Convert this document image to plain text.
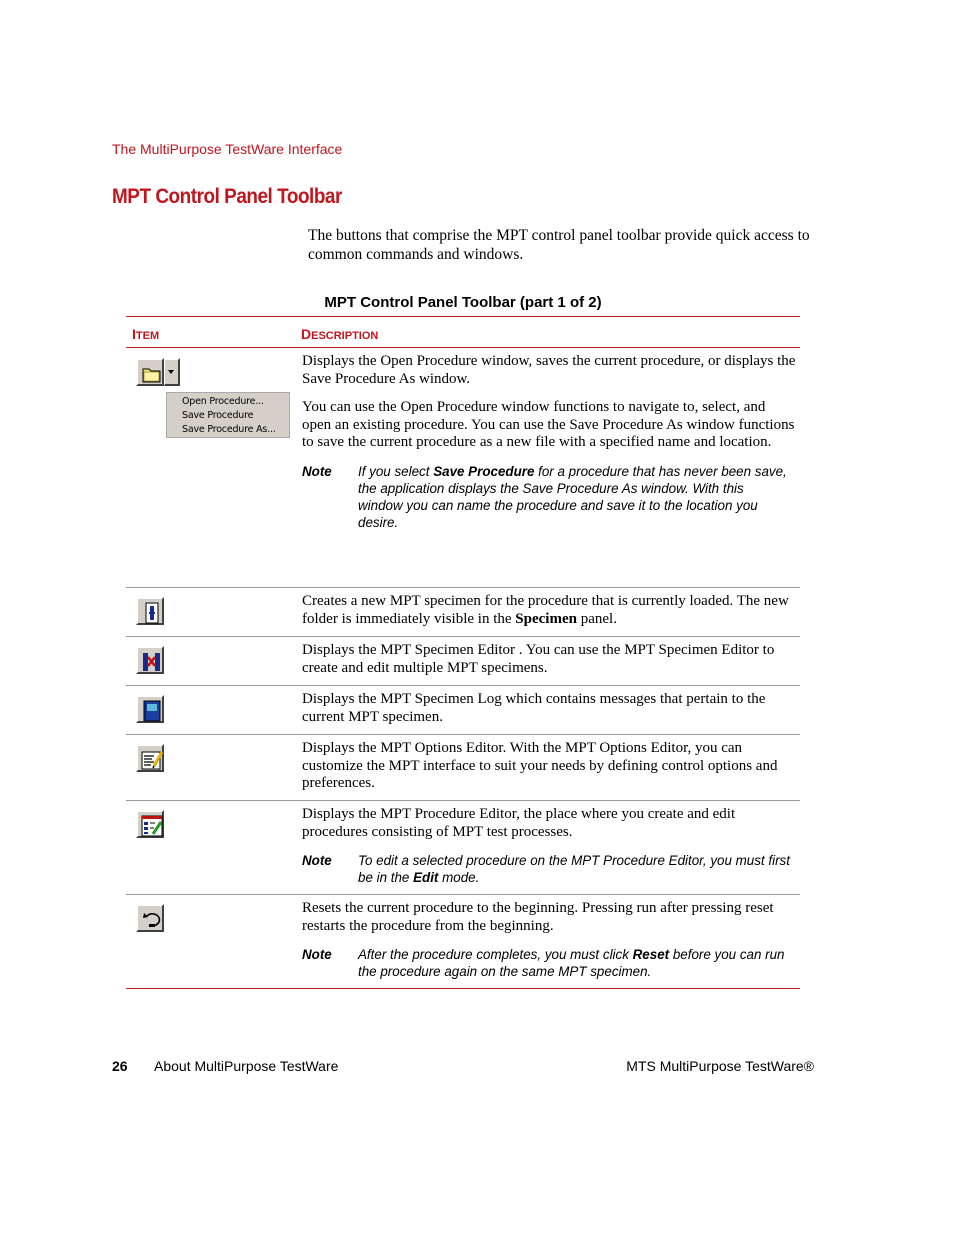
The MultiPurpose TestWare Interface
MPT Control Panel Toolbar
The buttons that comprise the MPT control panel toolbar provide quick access to common commands and windows.
MPT Control Panel Toolbar (part 1 of 2)
ITEM	DESCRIPTION
Open Procedure...
Save Procedure
Save Procedure As...

Displays the Open Procedure window, saves the current procedure, or displays the Save Procedure As window.

You can use the Open Procedure window functions to navigate to, select, and open an existing procedure. You can use the Save Procedure As window functions to save the current procedure as a new file with a specified name and location.

Note	If you select Save Procedure for a procedure that has never been save, the application displays the Save Procedure As window. With this window you can name the procedure and save it to the location you desire.

Creates a new MPT specimen for the procedure that is currently loaded. The new folder is immediately visible in the Specimen panel.

Displays the MPT Specimen Editor . You can use the MPT Specimen Editor to create and edit multiple MPT specimens.

Displays the MPT Specimen Log which contains messages that pertain to the current MPT specimen.

Displays the MPT Options Editor. With the MPT Options Editor, you can customize the MPT interface to suit your needs by defining control options and preferences.

Displays the MPT Procedure Editor, the place where you create and edit procedures consisting of MPT test processes.

Note	To edit a selected procedure on the MPT Procedure Editor, you must first be in the Edit mode.

Resets the current procedure to the beginning. Pressing run after pressing reset restarts the procedure from the beginning.

Note	After the procedure completes, you must click Reset before you can run the procedure again on the same MPT specimen.
26 About MultiPurpose TestWare	MTS MultiPurpose TestWare®
